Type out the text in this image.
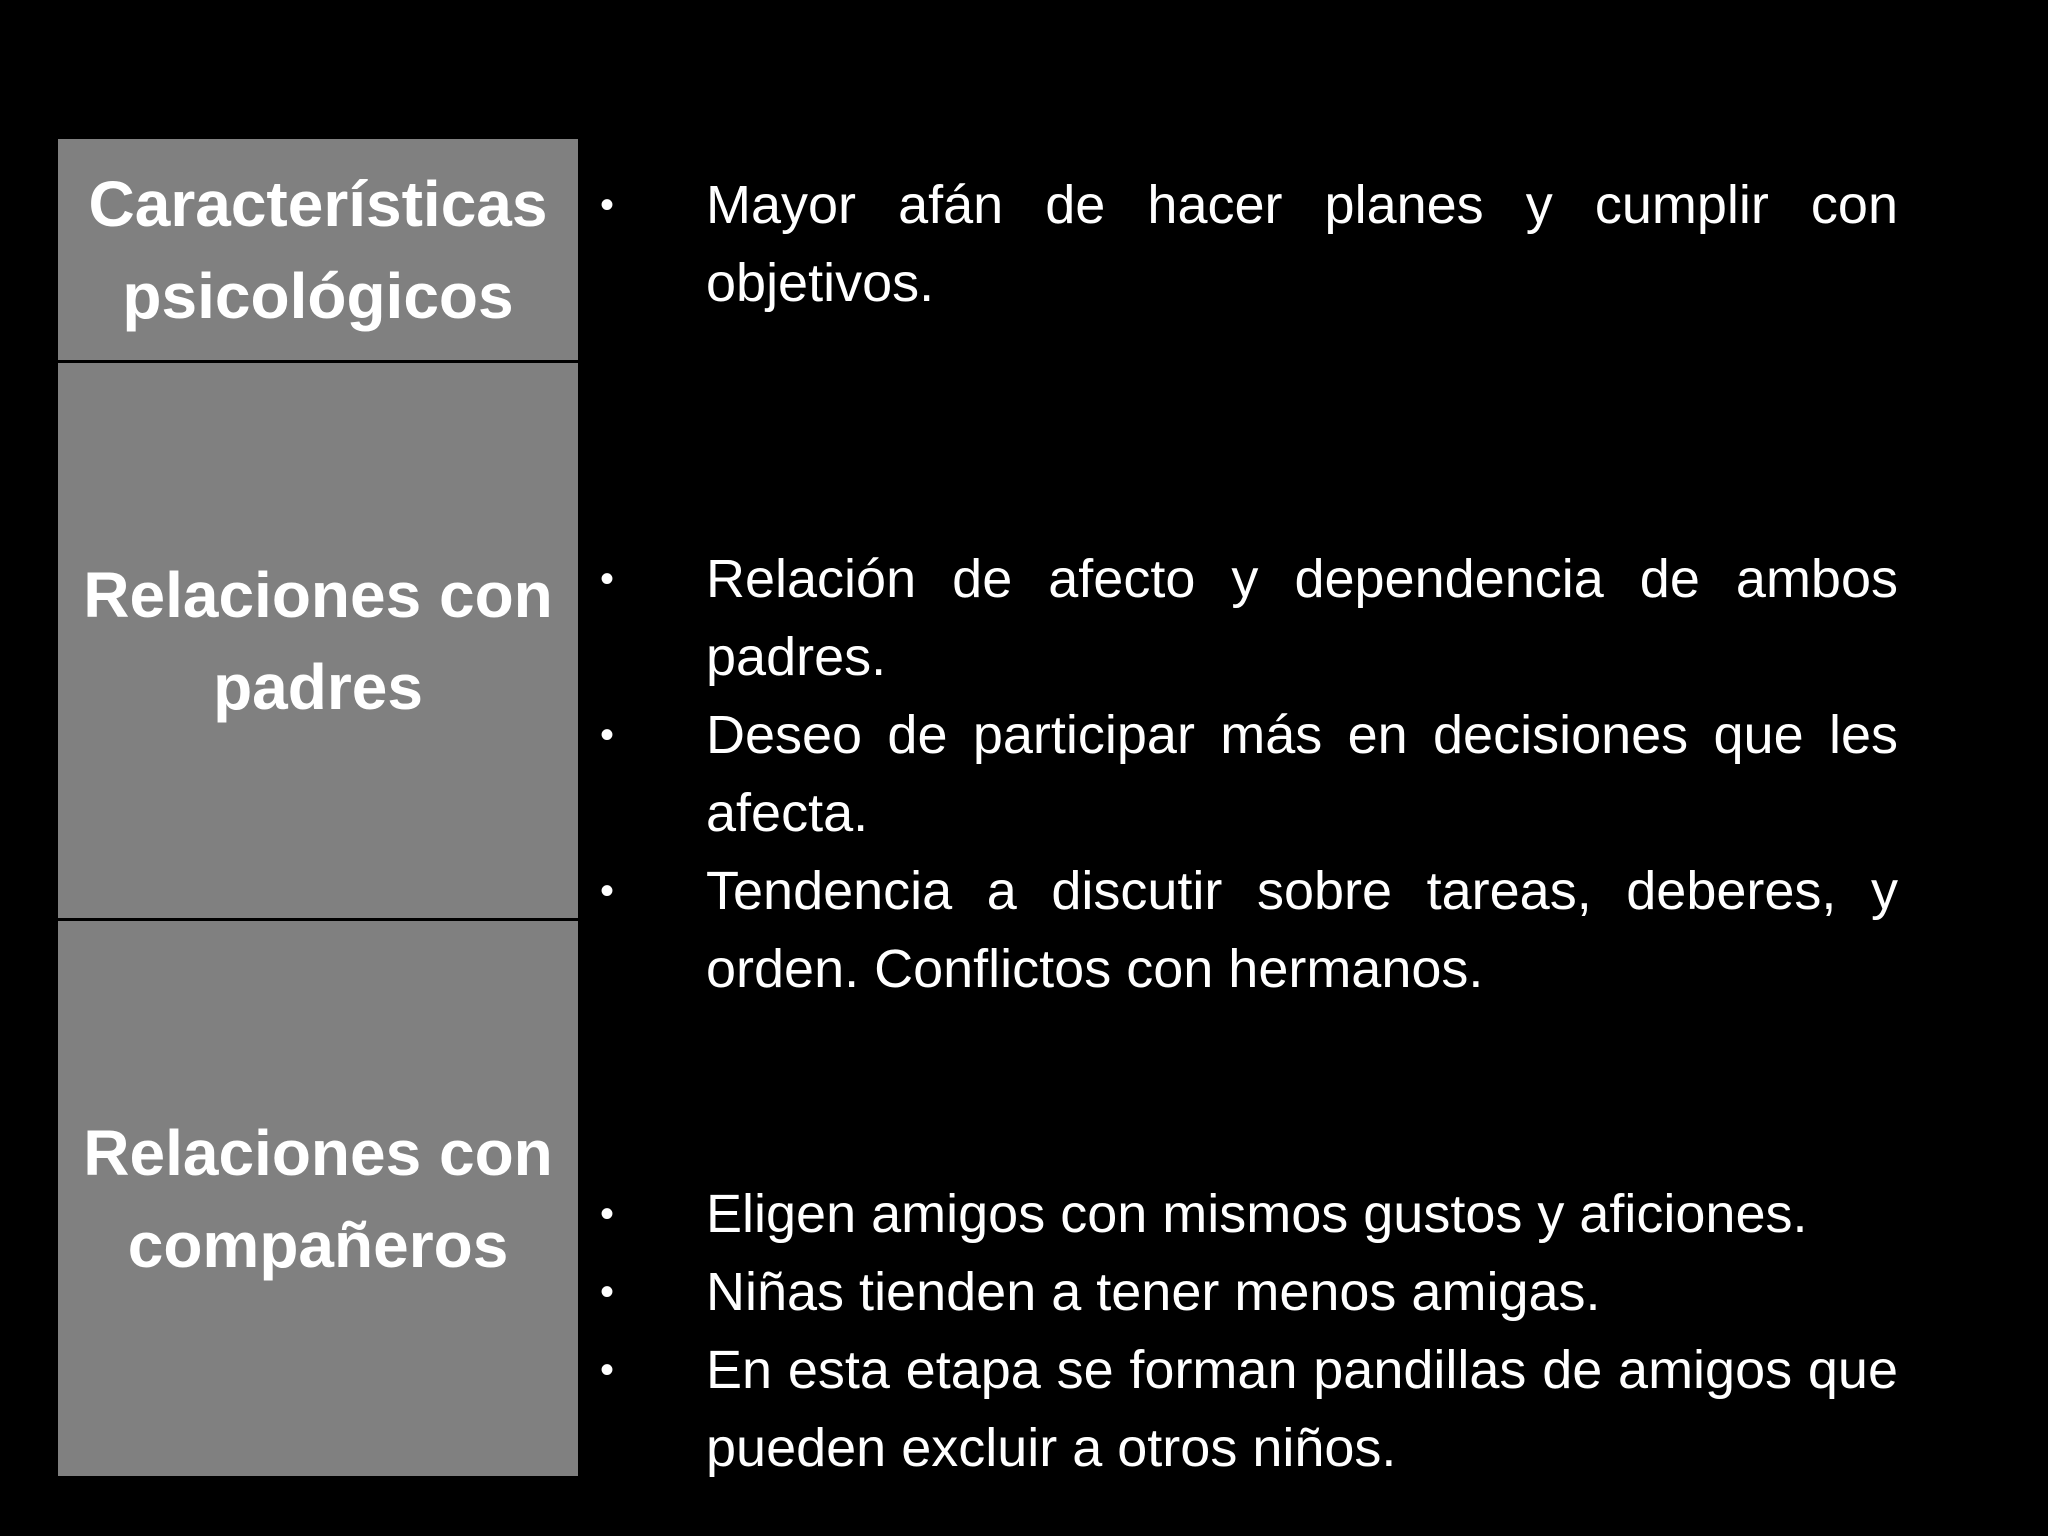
Características
psicológicos
• Mayor afán de hacer planes y cumplir con objetivos.
Relaciones con
padres
• Relación de afecto y dependencia de ambos padres.
• Deseo de participar más en decisiones que les afecta.
• Tendencia a discutir sobre tareas, deberes, y orden. Conflictos con hermanos.
Relaciones con
compañeros	• Eligen amigos con mismos gustos y aficiones.
• Niñas tienden a tener menos amigas.
• En esta etapa se forman pandillas de amigos que pueden excluir a otros niños.
